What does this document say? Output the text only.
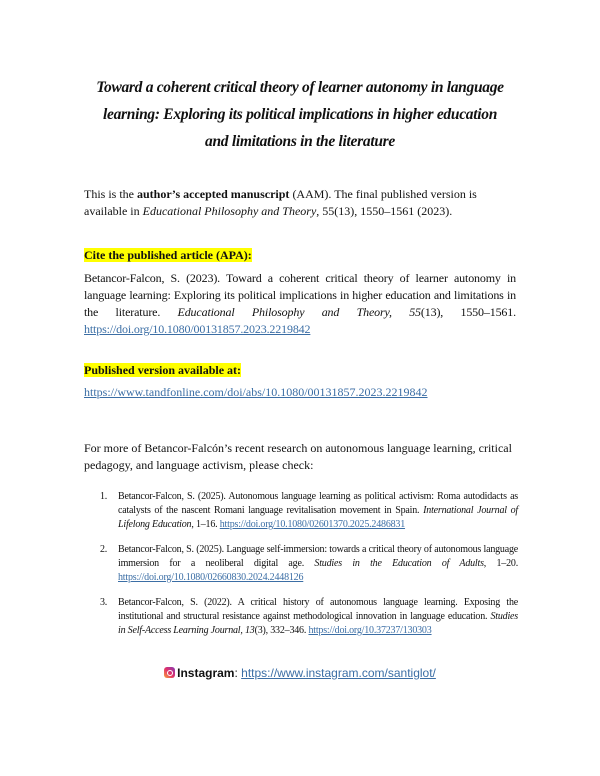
Toward a coherent critical theory of learner autonomy in language
learning: Exploring its political implications in higher education
and limitations in the literature
This is the author’s accepted manuscript (AAM). The final published version is available in Educational Philosophy and Theory, 55(13), 1550–1561 (2023).
Cite the published article (APA):
Betancor-Falcon, S. (2023). Toward a coherent critical theory of learner autonomy in language learning: Exploring its political implications in higher education and limitations in the literature. Educational Philosophy and Theory, 55(13), 1550–1561. https://doi.org/10.1080/00131857.2023.2219842
Published version available at:
https://www.tandfonline.com/doi/abs/10.1080/00131857.2023.2219842
For more of Betancor-Falcón’s recent research on autonomous language learning, critical pedagogy, and language activism, please check:
1. Betancor-Falcon, S. (2025). Autonomous language learning as political activism: Roma autodidacts as catalysts of the nascent Romani language revitalisation movement in Spain. International Journal of Lifelong Education, 1–16. https://doi.org/10.1080/02601370.2025.2486831
2. Betancor-Falcon, S. (2025). Language self-immersion: towards a critical theory of autonomous language immersion for a neoliberal digital age. Studies in the Education of Adults, 1–20. https://doi.org/10.1080/02660830.2024.2448126
3. Betancor-Falcon, S. (2022). A critical history of autonomous language learning. Exposing the institutional and structural resistance against methodological innovation in language education. Studies in Self-Access Learning Journal, 13(3), 332–346. https://doi.org/10.37237/130303
Instagram: https://www.instagram.com/santiglot/
